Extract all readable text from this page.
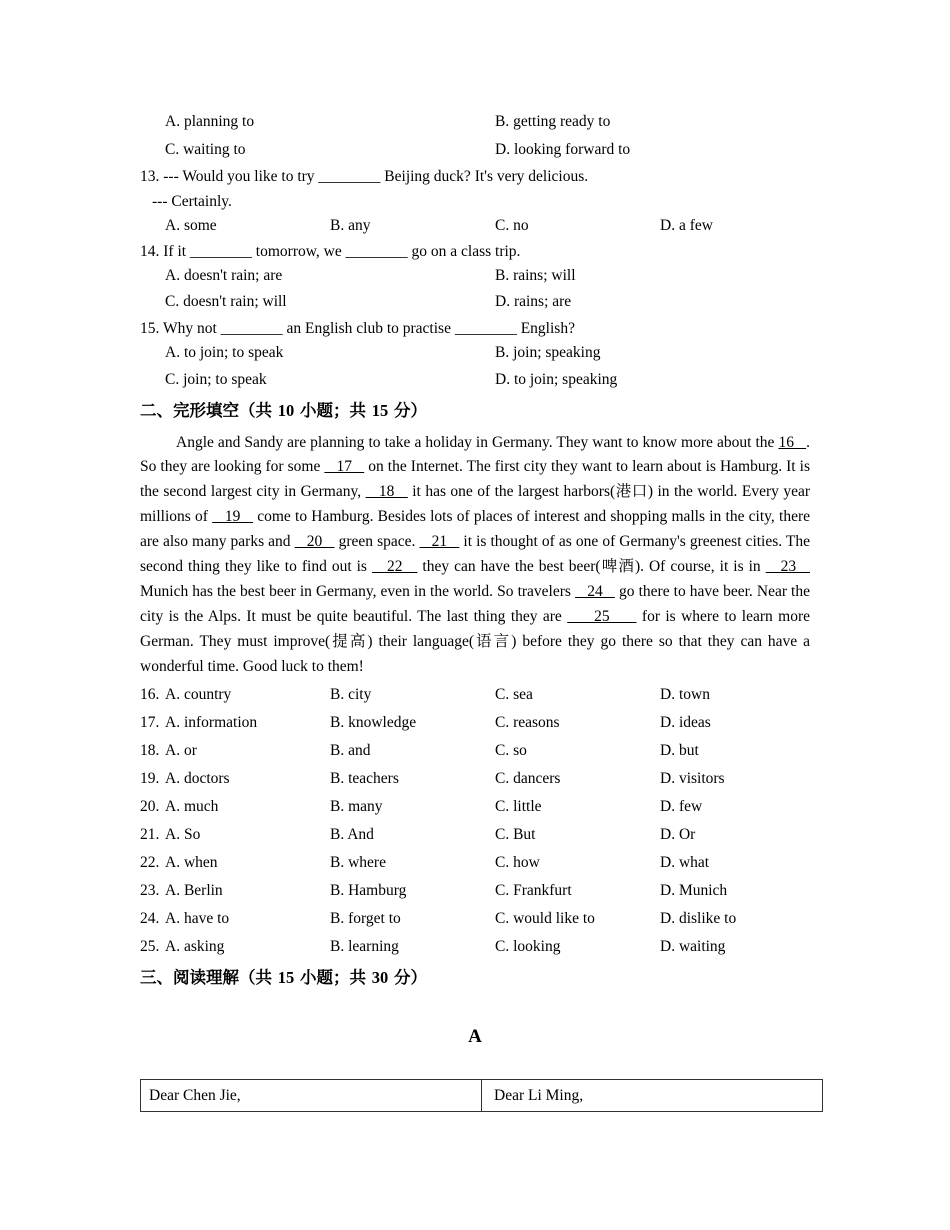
A. planning to	B. getting ready to
C. waiting to	D. looking forward to
13. --- Would you like to try ________ Beijing duck? It's very delicious.
--- Certainly.
A. some	B. any	C. no	D. a few
14. If it ________ tomorrow, we ________ go on a class trip.
A. doesn't rain; are	B. rains; will
C. doesn't rain; will	D. rains; are
15. Why not ________ an English club to practise ________ English?
A. to join; to speak	B. join; speaking
C. join; to speak	D. to join; speaking
二、完形填空（共 10 小题；共 15 分）
Angle and Sandy are planning to take a holiday in Germany. They want to know more about the 16   . So they are looking for some    17    on the Internet. The first city they want to learn about is Hamburg. It is the second largest city in Germany,    18    it has one of the largest harbors(港口) in the world. Every year millions of    19    come to Hamburg. Besides lots of places of interest and shopping malls in the city, there are also many parks and    20    green space.    21    it is thought of as one of Germany's greenest cities. The second thing they like to find out is    22    they can have the best beer(啤酒). Of course, it is in    23    Munich has the best beer in Germany, even in the world. So travelers    24    go there to have beer. Near the city is the Alps. It must be quite beautiful. The last thing they are      25      for is where to learn more German. They must improve(提高) their language(语言) before they go there so that they can have a wonderful time. Good luck to them!
16. A. country	B. city	C. sea	D. town
17. A. information	B. knowledge	C. reasons	D. ideas
18. A. or	B. and	C. so	D. but
19. A. doctors	B. teachers	C. dancers	D. visitors
20. A. much	B. many	C. little	D. few
21. A. So	B. And	C. But	D. Or
22. A. when	B. where	C. how	D. what
23. A. Berlin	B. Hamburg	C. Frankfurt	D. Munich
24. A. have to	B. forget to	C. would like to	D. dislike to
25. A. asking	B. learning	C. looking	D. waiting
三、阅读理解（共 15 小题；共 30 分）
A
Dear Chen Jie,	Dear Li Ming,
